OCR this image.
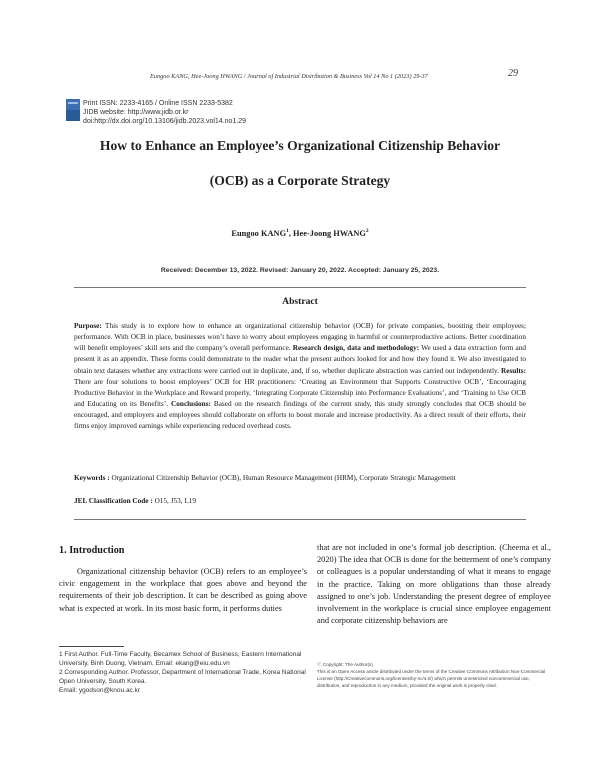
Eungoo KANG, Hee-Joong HWANG / Journal of Industrial Distribution & Business Vol 14 No 1 (2023) 29-37	29
Print ISSN: 2233-4165 / Online ISSN 2233-5382
JIDB website: http://www.jidb.or.kr
doi:http://dx.doi.org/10.13106/jidb.2023.vol14.no1.29
How to Enhance an Employee’s Organizational Citizenship Behavior
(OCB) as a Corporate Strategy
Eungoo KANG$^1$, Hee-Joong HWANG$^2$
Received: December 13, 2022. Revised: January 20, 2022. Accepted: January 25, 2023.
Abstract
Purpose: This study is to explore how to enhance an organizational citizenship behavior (OCB) for private companies, boosting their employees; performance. With OCB in place, businesses won’t have to worry about employees engaging in harmful or counterproductive actions. Better coordination will benefit employees’ skill sets and the company’s overall performance. Research design, data and methodology: We used a data extraction form and present it as an appendix. These forms could demonstrate to the reader what the present authors looked for and how they found it. We also investigated to obtain text datasets whether any extractions were carried out in duplicate, and, if so, whether duplicate abstraction was carried out independently. Results: There are four solutions to boost employees’ OCB for HR practitioners: ‘Creating an Environment that Supports Constructive OCB’, ‘Encouraging Productive Behavior in the Workplace and Reward properly, ‘Integrating Corporate Citizenship into Performance Evaluations’, and ‘Training to Use OCB and Educating on its Benefits’. Conclusions: Based on the research findings of the current study, this study strongly concludes that OCB should be encouraged, and employers and employees should collaborate on efforts to boost morale and increase productivity. As a direct result of their efforts, their firms enjoy improved earnings while experiencing reduced overhead costs.
Keywords : Organizational Citizenship Behavior (OCB), Human Resource Management (HRM), Corporate Strategic Management
JEL Classification Code : O15, J53, L19
1. Introduction

Organizational citizenship behavior (OCB) refers to an employee’s civic engagement in the workplace that goes above and beyond the requirements of their job description. It can be described as going above what is expected at work. In its most basic form, it performs duties

that are not included in one’s formal job description. (Cheema et al., 2020) The idea that OCB is done for the betterment of one’s company or colleagues is a popular understanding of what it means to engage in the practice. Taking on more obligations than those already assigned to one’s job. Understanding the present degree of employee involvement in the workplace is crucial since employee engagement and corporate citizenship behaviors are

1 First Author. Full-Time Faculty, Becamex School of Business, Eastern International University, Binh Duong, Vietnam. Email: ekang@eiu.edu.vn
2 Corresponding Author. Professor, Department of International Trade, Korea National Open University, South Korea.
Email: ygodson@knou.ac.kr
ⓒ Copyright: The Author(s)
This is an Open Access article distributed under the terms of the Creative Commons Attribution Non-Commercial License (http://Creativecommons.org/licenses/by-nc/4.0/) which permits unrestricted noncommercial use, distribution, and reproduction in any medium, provided the original work is properly cited.
